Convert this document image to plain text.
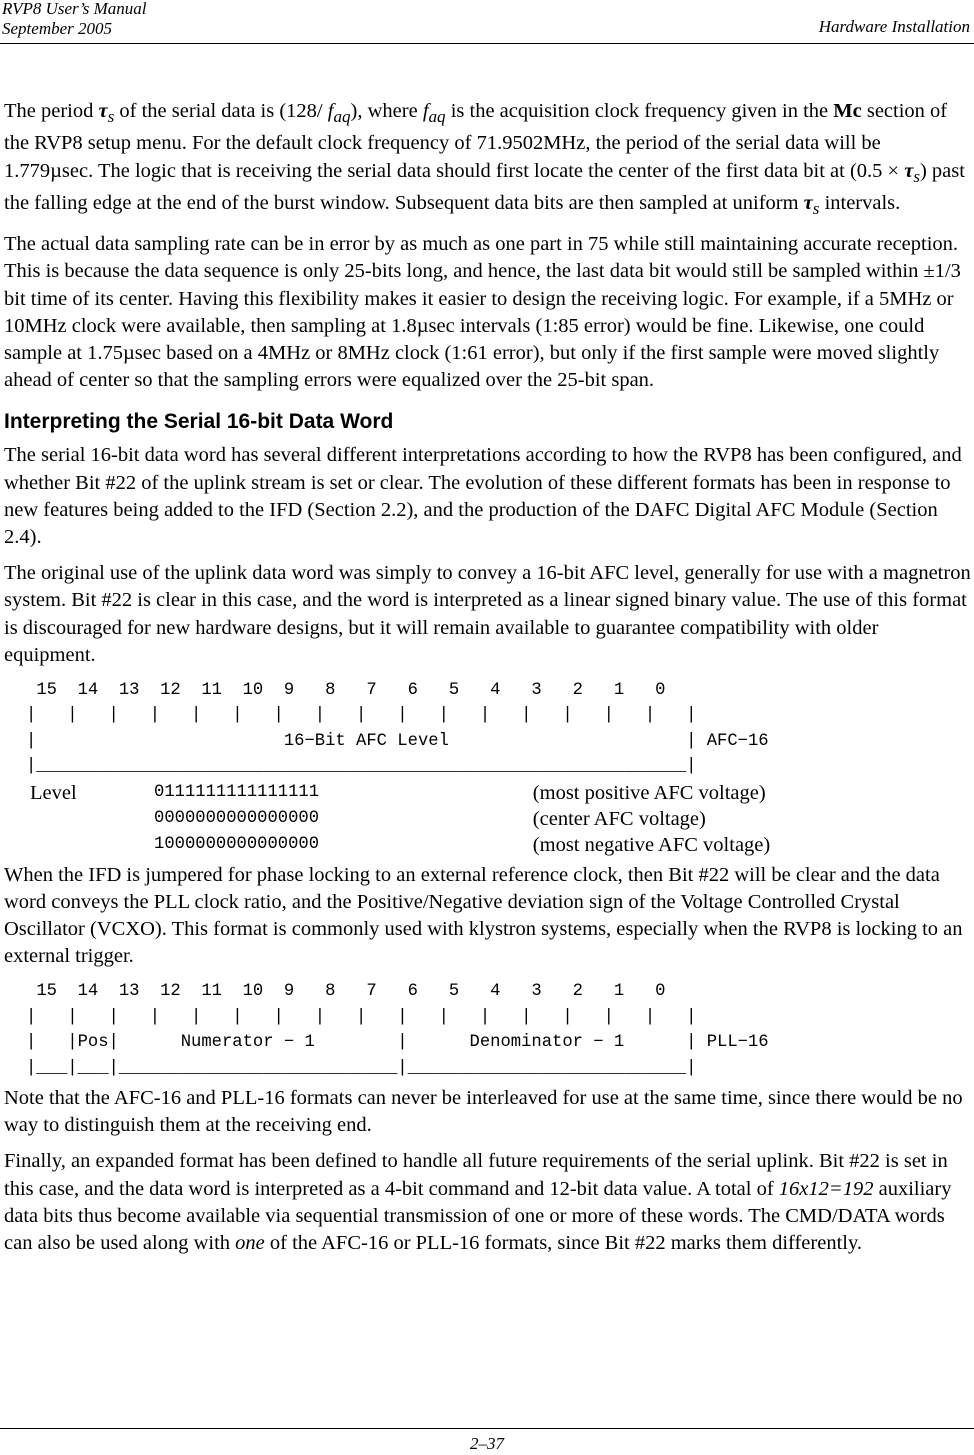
RVP8 User’s Manual
September 2005	Hardware Installation

The period $\tau_s$ of the serial data is (128/ $f_{aq}$), where $f_{aq}$ is the acquisition clock frequency given in the Mc section of the RVP8 setup menu. For the default clock frequency of 71.9502MHz, the period of the serial data will be 1.779µsec. The logic that is receiving the serial data should first locate the center of the first data bit at $(0.5 \times \tau_s)$ past the falling edge at the end of the burst window. Subsequent data bits are then sampled at uniform $\tau_s$ intervals.

The actual data sampling rate can be in error by as much as one part in 75 while still maintaining accurate reception. This is because the data sequence is only 25-bits long, and hence, the last data bit would still be sampled within ±1/3 bit time of its center. Having this flexibility makes it easier to design the receiving logic. For example, if a 5MHz or 10MHz clock were available, then sampling at 1.8µsec intervals (1:85 error) would be fine. Likewise, one could sample at 1.75µsec based on a 4MHz or 8MHz clock (1:61 error), but only if the first sample were moved slightly ahead of center so that the sampling errors were equalized over the 25-bit span.

Interpreting the Serial 16-bit Data Word

The serial 16-bit data word has several different interpretations according to how the RVP8 has been configured, and whether Bit #22 of the uplink stream is set or clear. The evolution of these different formats has been in response to new features being added to the IFD (Section 2.2), and the production of the DAFC Digital AFC Module (Section 2.4).

The original use of the uplink data word was simply to convey a 16-bit AFC level, generally for use with a magnetron system. Bit #22 is clear in this case, and the word is interpreted as a linear signed binary value. The use of this format is discouraged for new hardware designs, but it will remain available to guarantee compatibility with older equipment.

15  14  13  12  11  10  9   8   7   6   5   4   3   2   1   0
|   |   |   |   |   |   |   |   |   |   |   |   |   |   |   |   |
|                        16−Bit AFC Level                       | AFC−16
|_______________________________________________________________|
Level	0111111111111111	(most positive AFC voltage)
0000000000000000	(center AFC voltage)
1000000000000000	(most negative AFC voltage)

When the IFD is jumpered for phase locking to an external reference clock, then Bit #22 will be clear and the data word conveys the PLL clock ratio, and the Positive/Negative deviation sign of the Voltage Controlled Crystal Oscillator (VCXO). This format is commonly used with klystron systems, especially when the RVP8 is locking to an external trigger.

15  14  13  12  11  10  9   8   7   6   5   4   3   2   1   0
|   |   |   |   |   |   |   |   |   |   |   |   |   |   |   |   |
|   |Pos|      Numerator − 1        |      Denominator − 1      | PLL−16
|___|___|___________________________|___________________________|

Note that the AFC-16 and PLL-16 formats can never be interleaved for use at the same time, since there would be no way to distinguish them at the receiving end.

Finally, an expanded format has been defined to handle all future requirements of the serial uplink. Bit #22 is set in this case, and the data word is interpreted as a 4-bit command and 12-bit data value. A total of 16x12=192 auxiliary data bits thus become available via sequential transmission of one or more of these words. The CMD/DATA words can also be used along with one of the AFC-16 or PLL-16 formats, since Bit #22 marks them differently.

2–37
